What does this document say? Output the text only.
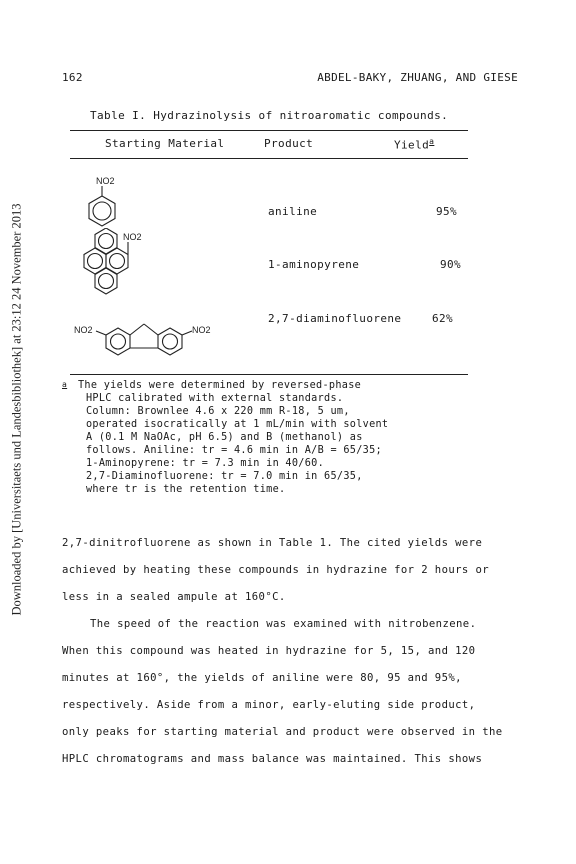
Downloaded by [Universitaets und Landesbibliothek] at 23:12 24 November 2013
162	ABDEL-BAKY, ZHUANG, AND GIESE
Table I. Hydrazinolysis of nitroaromatic compounds.
Starting Material	Product	Yield$^a$
NO2
aniline	95%
NO2
1-aminopyrene	90%
NO2	NO2
2,7-diaminofluorene	62%
a The yields were determined by reversed-phase
HPLC calibrated with external standards.
Column: Brownlee 4.6 x 220 mm R-18, 5 um,
operated isocratically at 1 mL/min with solvent
A (0.1 M NaOAc, pH 6.5) and B (methanol) as
follows. Aniline: tr = 4.6 min in A/B = 65/35;
1-Aminopyrene: tr = 7.3 min in 40/60.
2,7-Diaminofluorene: tr = 7.0 min in 65/35,
where tr is the retention time.
2,7-dinitrofluorene as shown in Table 1. The cited yields were
achieved by heating these compounds in hydrazine for 2 hours or
less in a sealed ampule at 160°C.
The speed of the reaction was examined with nitrobenzene.
When this compound was heated in hydrazine for 5, 15, and 120
minutes at 160°, the yields of aniline were 80, 95 and 95%,
respectively. Aside from a minor, early-eluting side product,
only peaks for starting material and product were observed in the
HPLC chromatograms and mass balance was maintained. This shows
